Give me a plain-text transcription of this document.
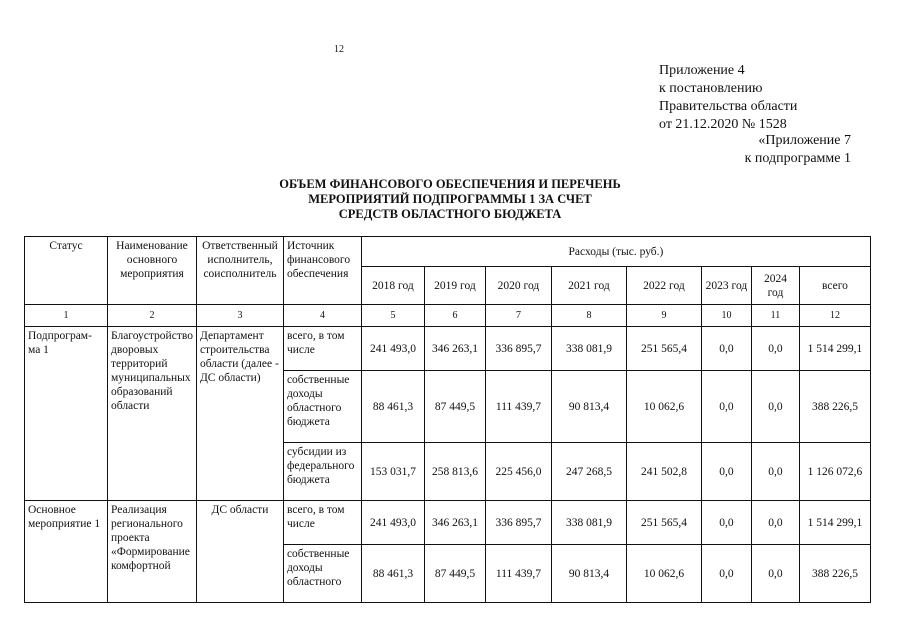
12
Приложение 4
к постановлению
Правительства области
от 21.12.2020 № 1528
«Приложение 7
к подпрограмме 1
ОБЪЕМ ФИНАНСОВОГО ОБЕСПЕЧЕНИЯ И ПЕРЕЧЕНЬ
МЕРОПРИЯТИЙ ПОДПРОГРАММЫ 1 ЗА СЧЕТ
СРЕДСТВ ОБЛАСТНОГО БЮДЖЕТА
Статус	Наименование основного мероприятия	Ответственный исполнитель, соисполнитель	Источник финансового обеспечения	Расходы (тыс. руб.)							
				2018 год	2019 год	2020 год	2021 год	2022 год	2023 год	2024 год	всего
1	2	3	4	5	6	7	8	9	10	11	12
Подпрограм-ма 1	Благоустройство дворовых территорий муниципальных образований области	Департамент строительства области (далее - ДС области)	всего, в том числе	241 493,0	346 263,1	336 895,7	338 081,9	251 565,4	0,0	0,0	1 514 299,1
			собственные доходы областного бюджета	88 461,3	87 449,5	111 439,7	90 813,4	10 062,6	0,0	0,0	388 226,5
			субсидии из федерального бюджета	153 031,7	258 813,6	225 456,0	247 268,5	241 502,8	0,0	0,0	1 126 072,6
Основное мероприятие 1	Реализация регионального проекта «Формирование комфортной	ДС области	всего, в том числе	241 493,0	346 263,1	336 895,7	338 081,9	251 565,4	0,0	0,0	1 514 299,1
			собственные доходы областного	88 461,3	87 449,5	111 439,7	90 813,4	10 062,6	0,0	0,0	388 226,5
